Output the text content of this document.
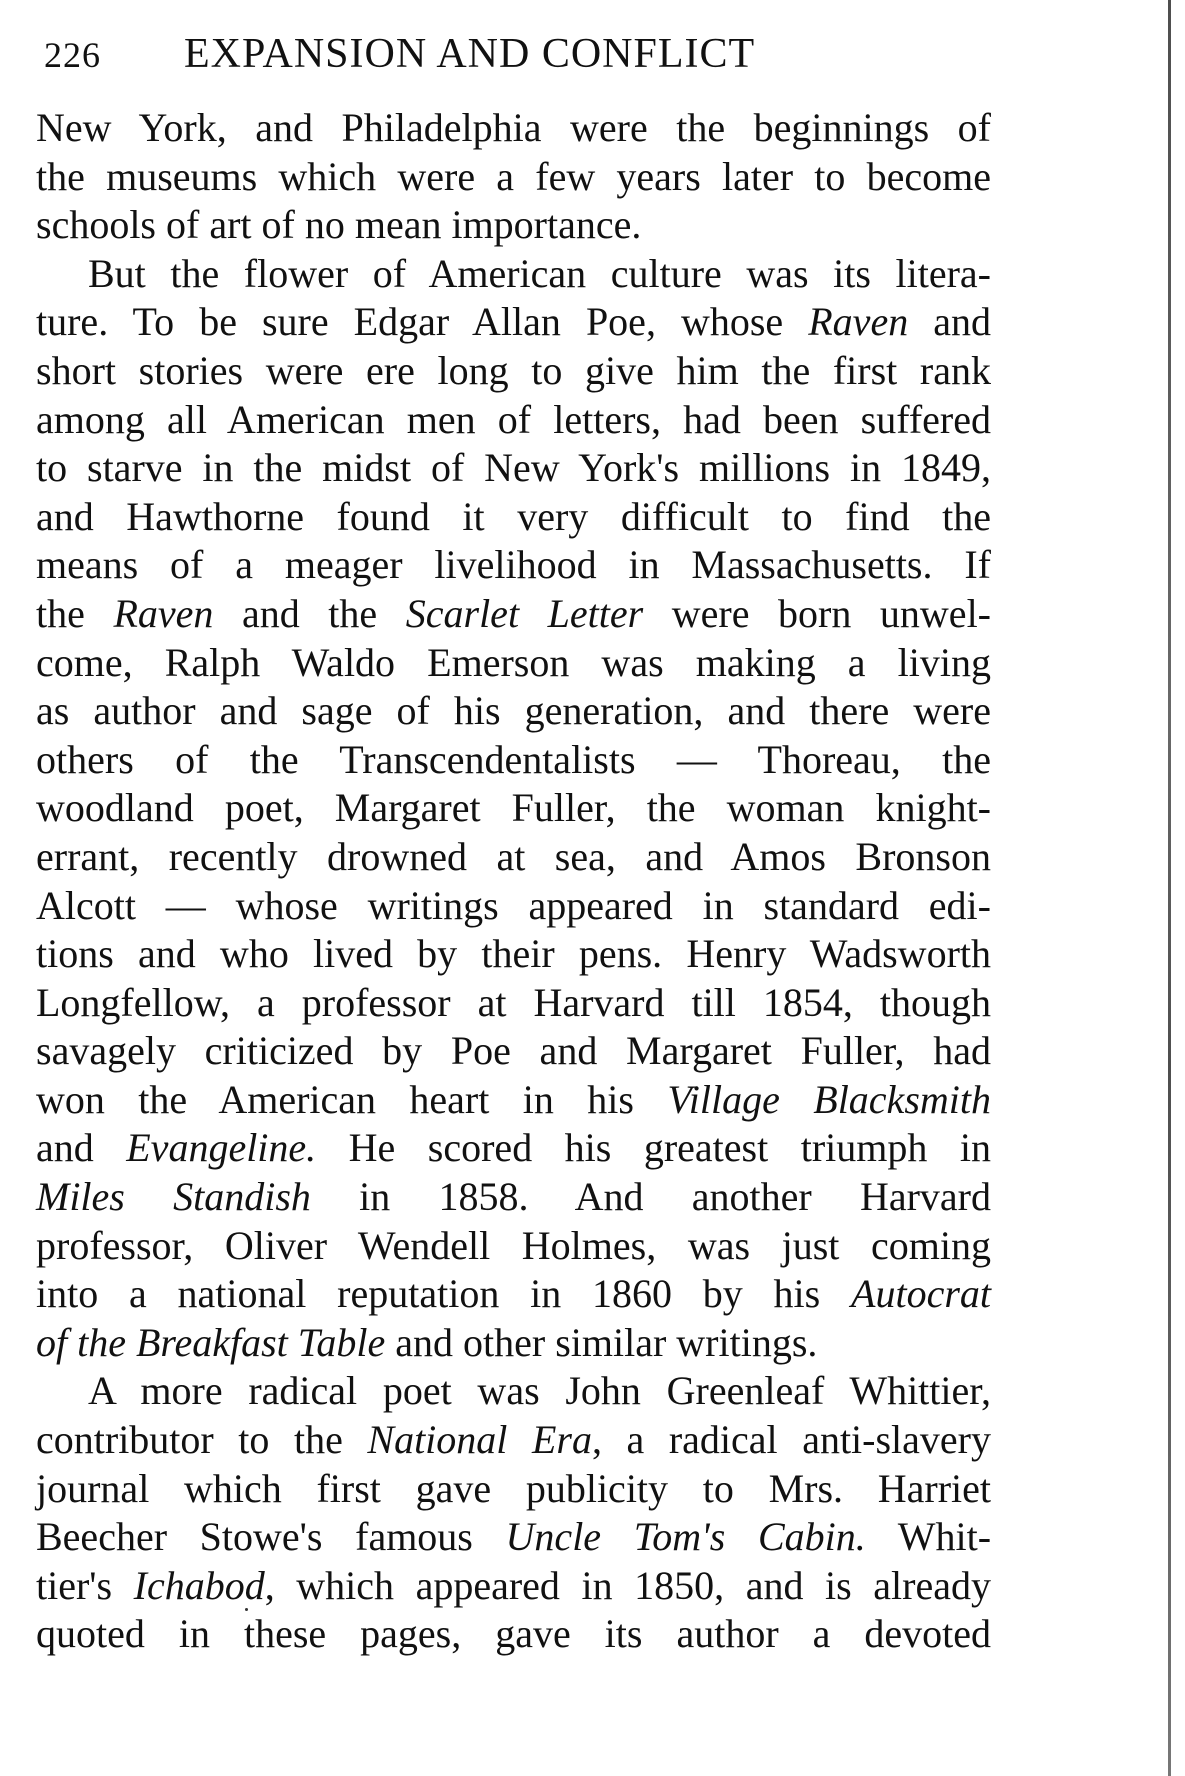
226 EXPANSION AND CONFLICT
New York, and Philadelphia were the beginnings of
the museums which were a few years later to become
schools of art of no mean importance.
But the flower of American culture was its litera-
ture. To be sure Edgar Allan Poe, whose Raven and
short stories were ere long to give him the first rank
among all American men of letters, had been suffered
to starve in the midst of New York's millions in 1849,
and Hawthorne found it very difficult to find the
means of a meager livelihood in Massachusetts. If
the Raven and the Scarlet Letter were born unwel-
come, Ralph Waldo Emerson was making a living
as author and sage of his generation, and there were
others of the Transcendentalists — Thoreau, the
woodland poet, Margaret Fuller, the woman knight-
errant, recently drowned at sea, and Amos Bronson
Alcott — whose writings appeared in standard edi-
tions and who lived by their pens. Henry Wadsworth
Longfellow, a professor at Harvard till 1854, though
savagely criticized by Poe and Margaret Fuller, had
won the American heart in his Village Blacksmith
and Evangeline. He scored his greatest triumph in
Miles Standish in 1858. And another Harvard
professor, Oliver Wendell Holmes, was just coming
into a national reputation in 1860 by his Autocrat
of the Breakfast Table and other similar writings.
A more radical poet was John Greenleaf Whittier,
contributor to the National Era, a radical anti-slavery
journal which first gave publicity to Mrs. Harriet
Beecher Stowe's famous Uncle Tom's Cabin. Whit-
tier's Ichabod, which appeared in 1850, and is already
quoted in these pages, gave its author a devoted
